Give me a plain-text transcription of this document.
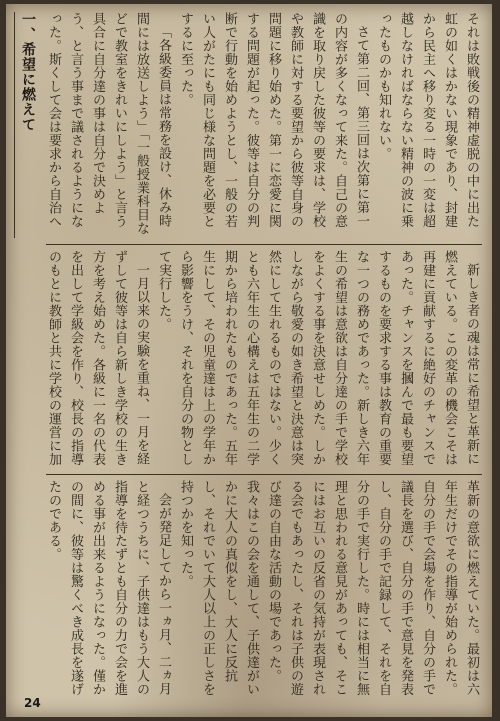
一、希望に燃えて	それは敗戦後の精神虚脱の中に出た虹の如くはかない現象であり、封建から民主へ移り変る一時の一変は超越しなければならない精神の波に乗ったものかも知れない。

さて第二回、第三回は次第に第一の内容が多くなって来た。自己の意識を取り戻した彼等の要求は、学校や教師に対する要望から彼等自身の問題に移り始めた。第一に恋愛に関する問題が起った。彼等は自分の判断で行動を始めようとし、一般の若い人がたにも同じ様な問題を必要とするに至った。

「各級委員は常務を設け、休み時間には放送しよう」「一般授業科目などで教室をきれいにしよう」と言う具合に自分達の事は自分で決めよう、と言う事まで議されるようになった。斯くして会は要求から自治へ

新しき者の魂は常に希望と革新に燃えている。この変革の機会こそは再建に貢献するに絶好のチャンスであった。チャンスを摑んで最も要望するものを要求する事は教育の重要な一つの務めであった。新しき六年生の希望は意欲は自分達の手で学校をよくする事を決意せしめた。しかしながら敬愛の如き希望と決意は突然にして生れるものではない。少くとも六年生の心構えは五年生の二学期から培われたものであった。五年生にして、その児童達は上の学年から影響をうけ、それを自分の物として実行した。

一月以来の実験を重ね、一月を経ずして彼等は自ら新しき学校の生き方を考え始めた。各級に一名の代表を出して学級会を作り、校長の指導のもとに教師と共に学校の運営に加

革新の意欲に燃えていた。最初は六年生だけでその指導が始められた。自分の手で会場を作り、自分の手で議長を選び、自分の手で意見を発表し、自分の手で記録して、それを自分の手で実行した。時には相当に無理と思われる意見があっても、そこにはお互いの反省の気持が表現される会でもあったし、それは子供の遊び達の自由な活動の場であった。我々はこの会を通して、子供達がいかに大人の真似をし、大人に反抗し、それでいて大人以上の正しさを持つかを知った。

会が発足してから一ヵ月、二ヵ月と経つうちに、子供達はもう大人の指導を待たずとも自分の力で会を進める事が出来るようになった。僅かの間に、彼等は驚くべき成長を遂げたのである。

24
